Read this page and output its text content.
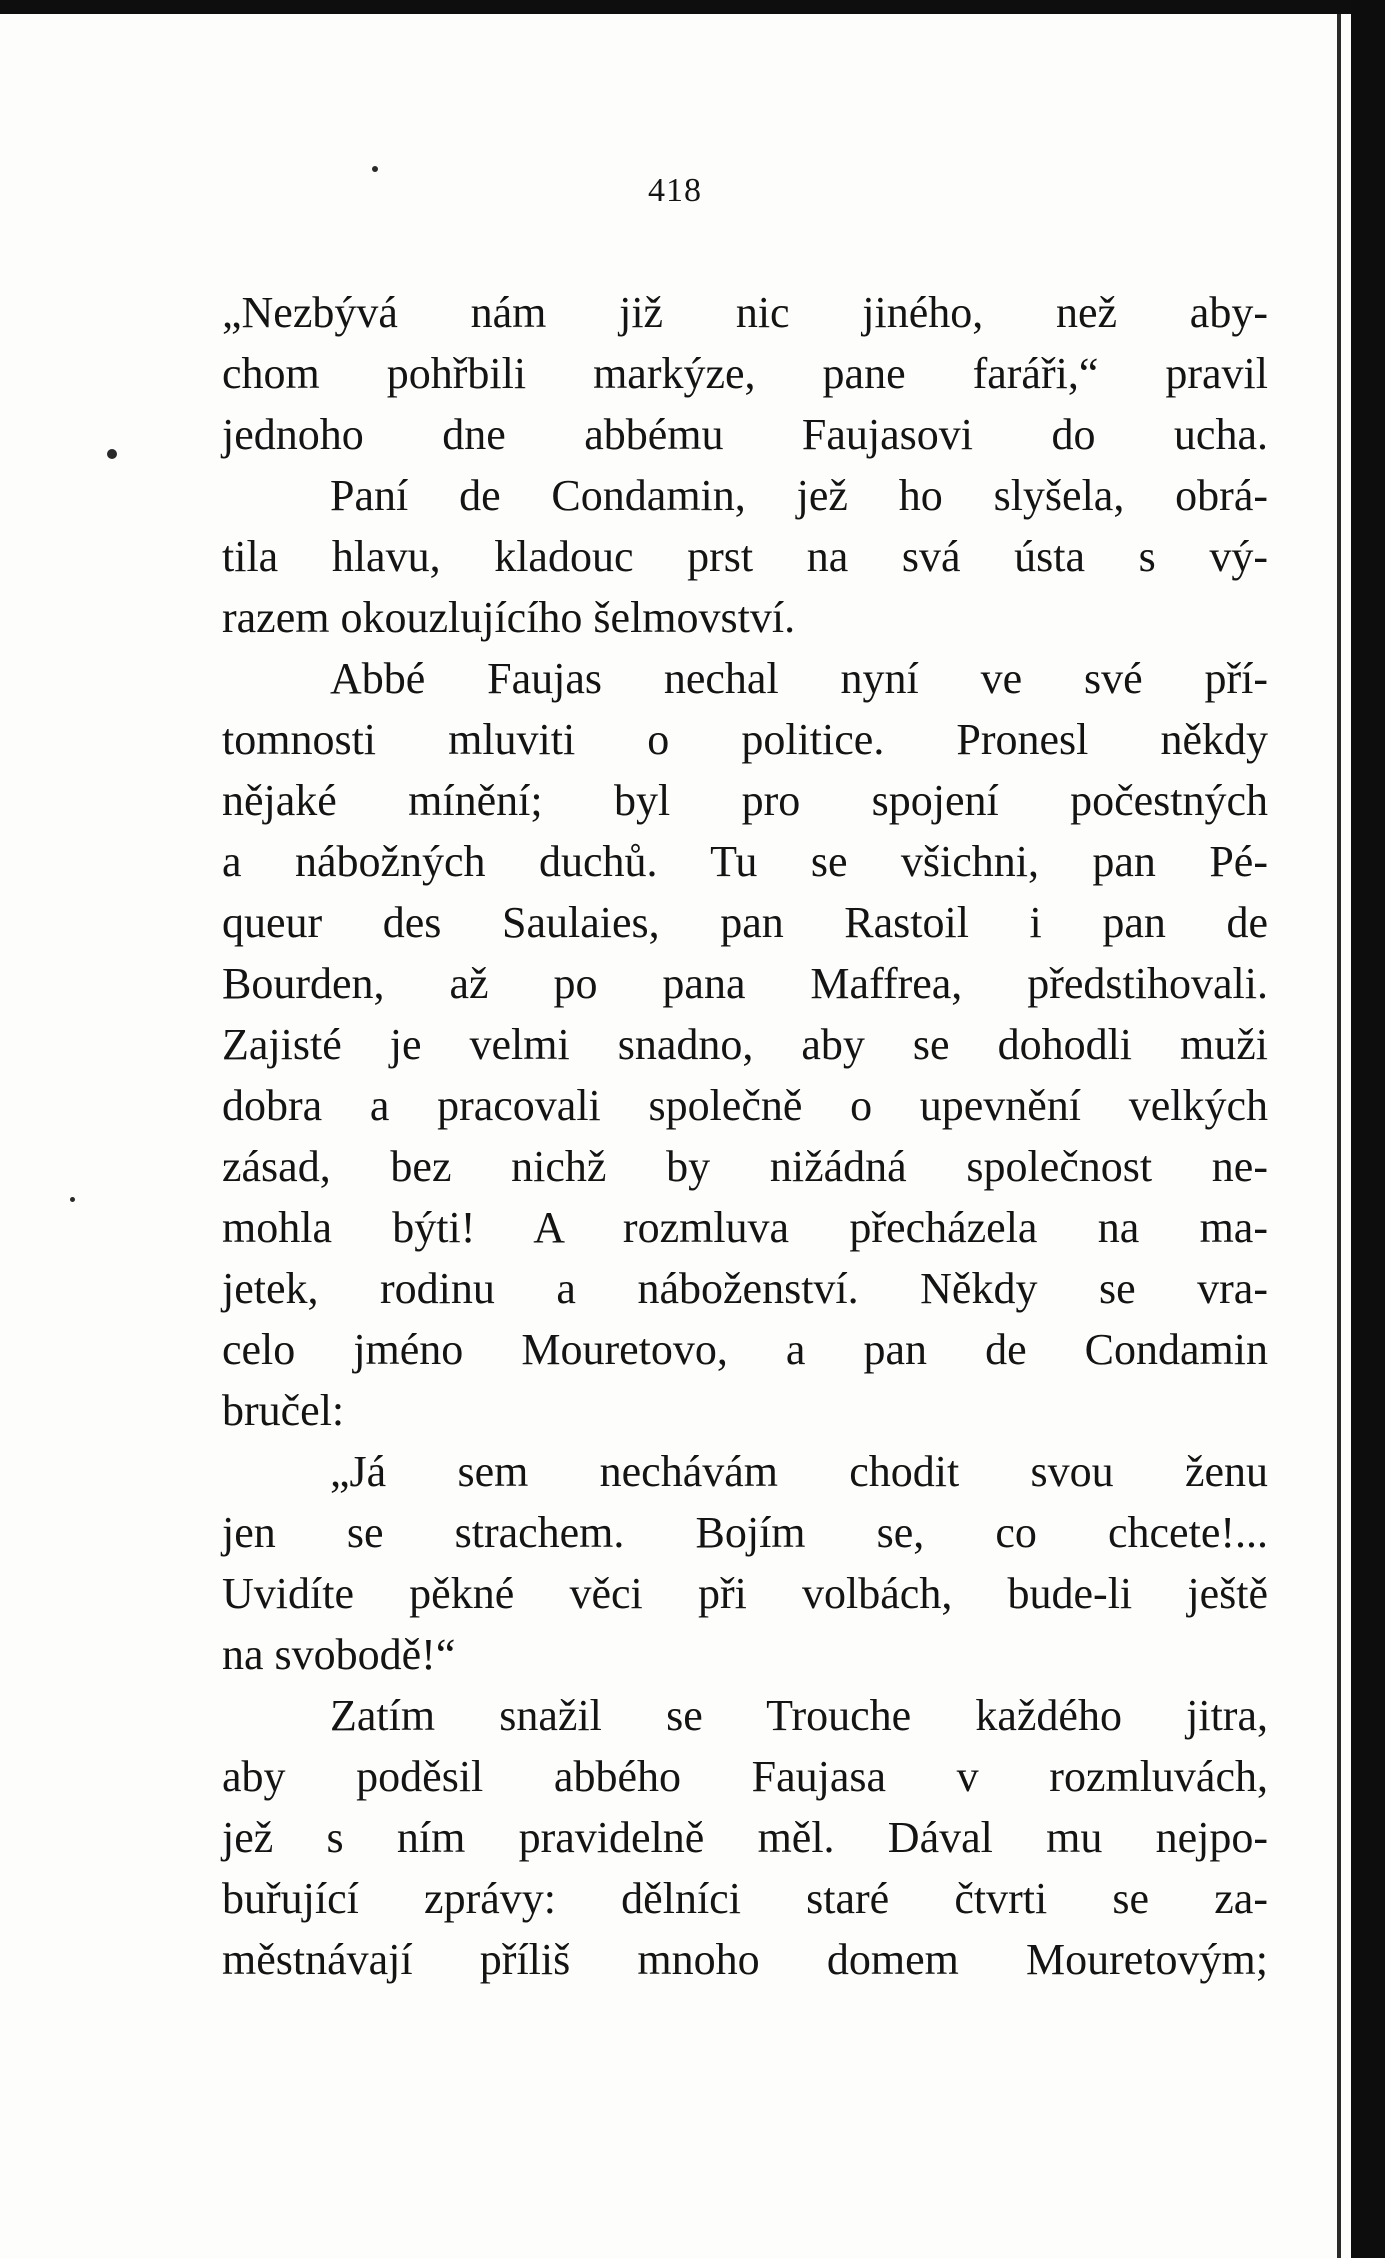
418
„Nezbývá nám již nic jiného, než aby-
chom pohřbili markýze, pane faráři,“ pravil
jednoho dne abbému Faujasovi do ucha.
Paní de Condamin, jež ho slyšela, obrá-
tila hlavu, kladouc prst na svá ústa s vý-
razem okouzlujícího šelmovství.
Abbé Faujas nechal nyní ve své pří-
tomnosti mluviti o politice. Pronesl někdy
nějaké mínění; byl pro spojení počestných
a nábožných duchů. Tu se všichni, pan Pé-
queur des Saulaies, pan Rastoil i pan de
Bourden, až po pana Maffrea, předstihovali.
Zajisté je velmi snadno, aby se dohodli muži
dobra a pracovali společně o upevnění velkých
zásad, bez nichž by nižádná společnost ne-
mohla býti! A rozmluva přecházela na ma-
jetek, rodinu a náboženství. Někdy se vra-
celo jméno Mouretovo, a pan de Condamin
bručel:
„Já sem nechávám chodit svou ženu
jen se strachem. Bojím se, co chcete!...
Uvidíte pěkné věci při volbách, bude-li ještě
na svobodě!“
Zatím snažil se Trouche každého jitra,
aby poděsil abbého Faujasa v rozmluvách,
jež s ním pravidelně měl. Dával mu nejpo-
buřující zprávy: dělníci staré čtvrti se za-
městnávají příliš mnoho domem Mouretovým;
